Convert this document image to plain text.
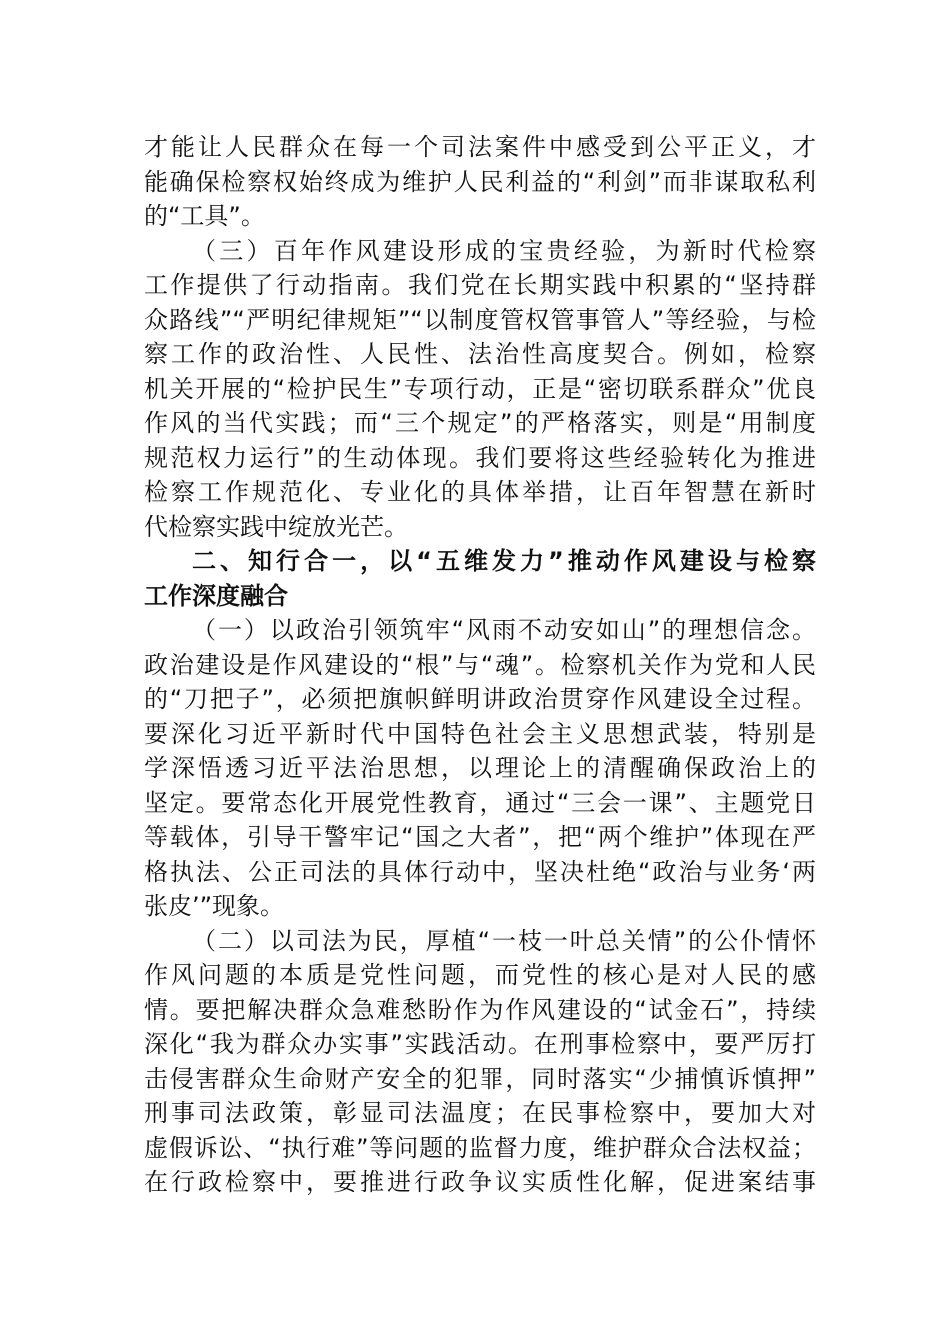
才能让人民群众在每一个司法案件中感受到公平正义，才
能确保检察权始终成为维护人民利益的“利剑”而非谋取私利
的“工具”。
（三）百年作风建设形成的宝贵经验，为新时代检察
工作提供了行动指南。我们党在长期实践中积累的“坚持群
众路线”“严明纪律规矩”“以制度管权管事管人”等经验，与检
察工作的政治性、人民性、法治性高度契合。例如，检察
机关开展的“检护民生”专项行动，正是“密切联系群众”优良
作风的当代实践；而“三个规定”的严格落实，则是“用制度
规范权力运行”的生动体现。我们要将这些经验转化为推进
检察工作规范化、专业化的具体举措，让百年智慧在新时
代检察实践中绽放光芒。
二、知行合一，以“五维发力”推动作风建设与检察
工作深度融合
（一）以政治引领筑牢“风雨不动安如山”的理想信念。
政治建设是作风建设的“根”与“魂”。检察机关作为党和人民
的“刀把子”，必须把旗帜鲜明讲政治贯穿作风建设全过程。
要深化习近平新时代中国特色社会主义思想武装，特别是
学深悟透习近平法治思想，以理论上的清醒确保政治上的
坚定。要常态化开展党性教育，通过“三会一课”、主题党日
等载体，引导干警牢记“国之大者”，把“两个维护”体现在严
格执法、公正司法的具体行动中，坚决杜绝“政治与业务‘两
张皮’”现象。
（二）以司法为民，厚植“一枝一叶总关情”的公仆情怀
作风问题的本质是党性问题，而党性的核心是对人民的感
情。要把解决群众急难愁盼作为作风建设的“试金石”，持续
深化“我为群众办实事”实践活动。在刑事检察中，要严厉打
击侵害群众生命财产安全的犯罪，同时落实“少捕慎诉慎押”
刑事司法政策，彰显司法温度；在民事检察中，要加大对
虚假诉讼、“执行难”等问题的监督力度，维护群众合法权益；
在行政检察中，要推进行政争议实质性化解，促进案结事
